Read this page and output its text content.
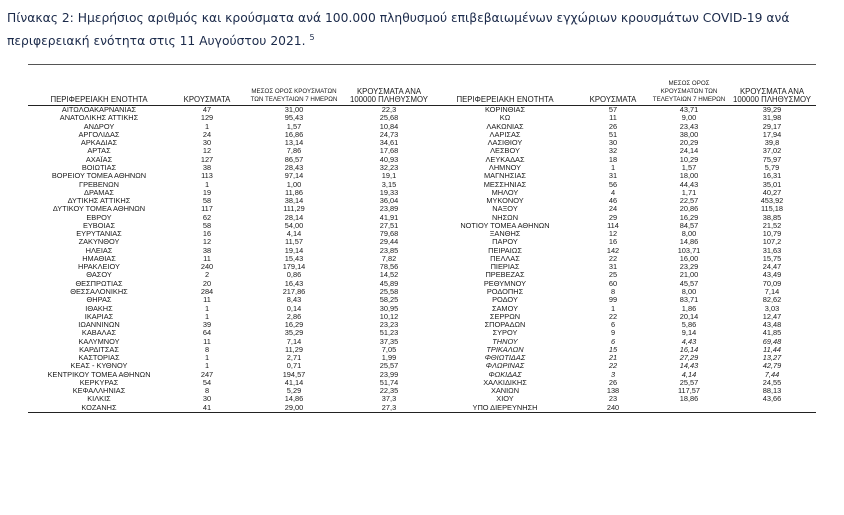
Πίνακας 2: Ημερήσιος αριθμός και κρούσματα ανά 100.000 πληθυσμού επιβεβαιωμένων εγχώριων κρουσμάτων COVID-19 ανά περιφερειακή ενότητα στις 11 Αυγούστου 2021. $^5$
ΠΕΡΙΦΕΡΕΙΑΚΗ ΕΝΟΤΗΤΑ	ΚΡΟΥΣΜΑΤΑ	ΜΕΣΟΣ ΟΡΟΣ ΚΡΟΥΣΜΑΤΩΝ ΤΩΝ ΤΕΛΕΥΤΑΙΩΝ 7 ΗΜΕΡΩΝ	ΚΡΟΥΣΜΑΤΑ ΑΝΑ 100000 ΠΛΗΘΥΣΜΟΥ	ΠΕΡΙΦΕΡΕΙΑΚΗ ΕΝΟΤΗΤΑ	ΚΡΟΥΣΜΑΤΑ	ΜΕΣΟΣ ΟΡΟΣ ΚΡΟΥΣΜΑΤΩΝ ΤΩΝ ΤΕΛΕΥΤΑΙΩΝ 7 ΗΜΕΡΩΝ	ΚΡΟΥΣΜΑΤΑ ΑΝΑ 100000 ΠΛΗΘΥΣΜΟΥ
ΑΙΤΩΛΟΑΚΑΡΝΑΝΙΑΣ	47	31,00	22,3	ΚΟΡΙΝΘΙΑΣ	57	43,71	39,29
ΑΝΑΤΟΛΙΚΗΣ ΑΤΤΙΚΗΣ	129	95,43	25,68	ΚΩ	11	9,00	31,98
ΑΝΔΡΟΥ	1	1,57	10,84	ΛΑΚΩΝΙΑΣ	26	23,43	29,17
ΑΡΓΟΛΙΔΑΣ	24	16,86	24,73	ΛΑΡΙΣΑΣ	51	38,00	17,94
ΑΡΚΑΔΙΑΣ	30	13,14	34,61	ΛΑΣΙΘΙΟΥ	30	20,29	39,8
ΑΡΤΑΣ	12	7,86	17,68	ΛΕΣΒΟΥ	32	24,14	37,02
ΑΧΑΪΑΣ	127	86,57	40,93	ΛΕΥΚΑΔΑΣ	18	10,29	75,97
ΒΟΙΩΤΙΑΣ	38	28,43	32,23	ΛΗΜΝΟΥ	1	1,57	5,79
ΒΟΡΕΙΟΥ ΤΟΜΕΑ ΑΘΗΝΩΝ	113	97,14	19,1	ΜΑΓΝΗΣΙΑΣ	31	18,00	16,31
ΓΡΕΒΕΝΩΝ	1	1,00	3,15	ΜΕΣΣΗΝΙΑΣ	56	44,43	35,01
ΔΡΑΜΑΣ	19	11,86	19,33	ΜΗΛΟΥ	4	1,71	40,27
ΔΥΤΙΚΗΣ ΑΤΤΙΚΗΣ	58	38,14	36,04	ΜΥΚΟΝΟΥ	46	22,57	453,92
ΔΥΤΙΚΟΥ ΤΟΜΕΑ ΑΘΗΝΩΝ	117	111,29	23,89	ΝΑΞΟΥ	24	20,86	115,18
ΕΒΡΟΥ	62	28,14	41,91	ΝΗΣΩΝ	29	16,29	38,85
ΕΥΒΟΙΑΣ	58	54,00	27,51	ΝΟΤΙΟΥ ΤΟΜΕΑ ΑΘΗΝΩΝ	114	84,57	21,52
ΕΥΡΥΤΑΝΙΑΣ	16	4,14	79,68	ΞΑΝΘΗΣ	12	8,00	10,79
ΖΑΚΥΝΘΟΥ	12	11,57	29,44	ΠΑΡΟΥ	16	14,86	107,2
ΗΛΕΙΑΣ	38	19,14	23,85	ΠΕΙΡΑΙΩΣ	142	103,71	31,63
ΗΜΑΘΙΑΣ	11	15,43	7,82	ΠΕΛΛΑΣ	22	16,00	15,75
ΗΡΑΚΛΕΙΟΥ	240	179,14	78,56	ΠΙΕΡΙΑΣ	31	23,29	24,47
ΘΑΣΟΥ	2	0,86	14,52	ΠΡΕΒΕΖΑΣ	25	21,00	43,49
ΘΕΣΠΡΩΤΙΑΣ	20	16,43	45,89	ΡΕΘΥΜΝΟΥ	60	45,57	70,09
ΘΕΣΣΑΛΟΝΙΚΗΣ	284	217,86	25,58	ΡΟΔΟΠΗΣ	8	8,00	7,14
ΘΗΡΑΣ	11	8,43	58,25	ΡΟΔΟΥ	99	83,71	82,62
ΙΘΑΚΗΣ	1	0,14	30,95	ΣΑΜΟΥ	1	1,86	3,03
ΙΚΑΡΙΑΣ	1	2,86	10,12	ΣΕΡΡΩΝ	22	20,14	12,47
ΙΩΑΝΝΙΝΩΝ	39	16,29	23,23	ΣΠΟΡΑΔΩΝ	6	5,86	43,48
ΚΑΒΑΛΑΣ	64	35,29	51,23	ΣΥΡΟΥ	9	9,14	41,85
ΚΑΛΥΜΝΟΥ	11	7,14	37,35	ΤΗΝΟΥ	6	4,43	69,48
ΚΑΡΔΙΤΣΑΣ	8	11,29	7,05	ΤΡΙΚΑΛΩΝ	15	16,14	11,44
ΚΑΣΤΟΡΙΑΣ	1	2,71	1,99	ΦΘΙΩΤΙΔΑΣ	21	27,29	13,27
ΚΕΑΣ - ΚΥΘΝΟΥ	1	0,71	25,57	ΦΛΩΡΙΝΑΣ	22	14,43	42,79
ΚΕΝΤΡΙΚΟΥ ΤΟΜΕΑ ΑΘΗΝΩΝ	247	194,57	23,99	ΦΩΚΙΔΑΣ	3	4,14	7,44
ΚΕΡΚΥΡΑΣ	54	41,14	51,74	ΧΑΛΚΙΔΙΚΗΣ	26	25,57	24,55
ΚΕΦΑΛΛΗΝΙΑΣ	8	5,29	22,35	ΧΑΝΙΩΝ	138	117,57	88,13
ΚΙΛΚΙΣ	30	14,86	37,3	ΧΙΟΥ	23	18,86	43,66
ΚΟΖΑΝΗΣ	41	29,00	27,3	ΥΠΟ ΔΙΕΡΕΥΝΗΣΗ	240		
